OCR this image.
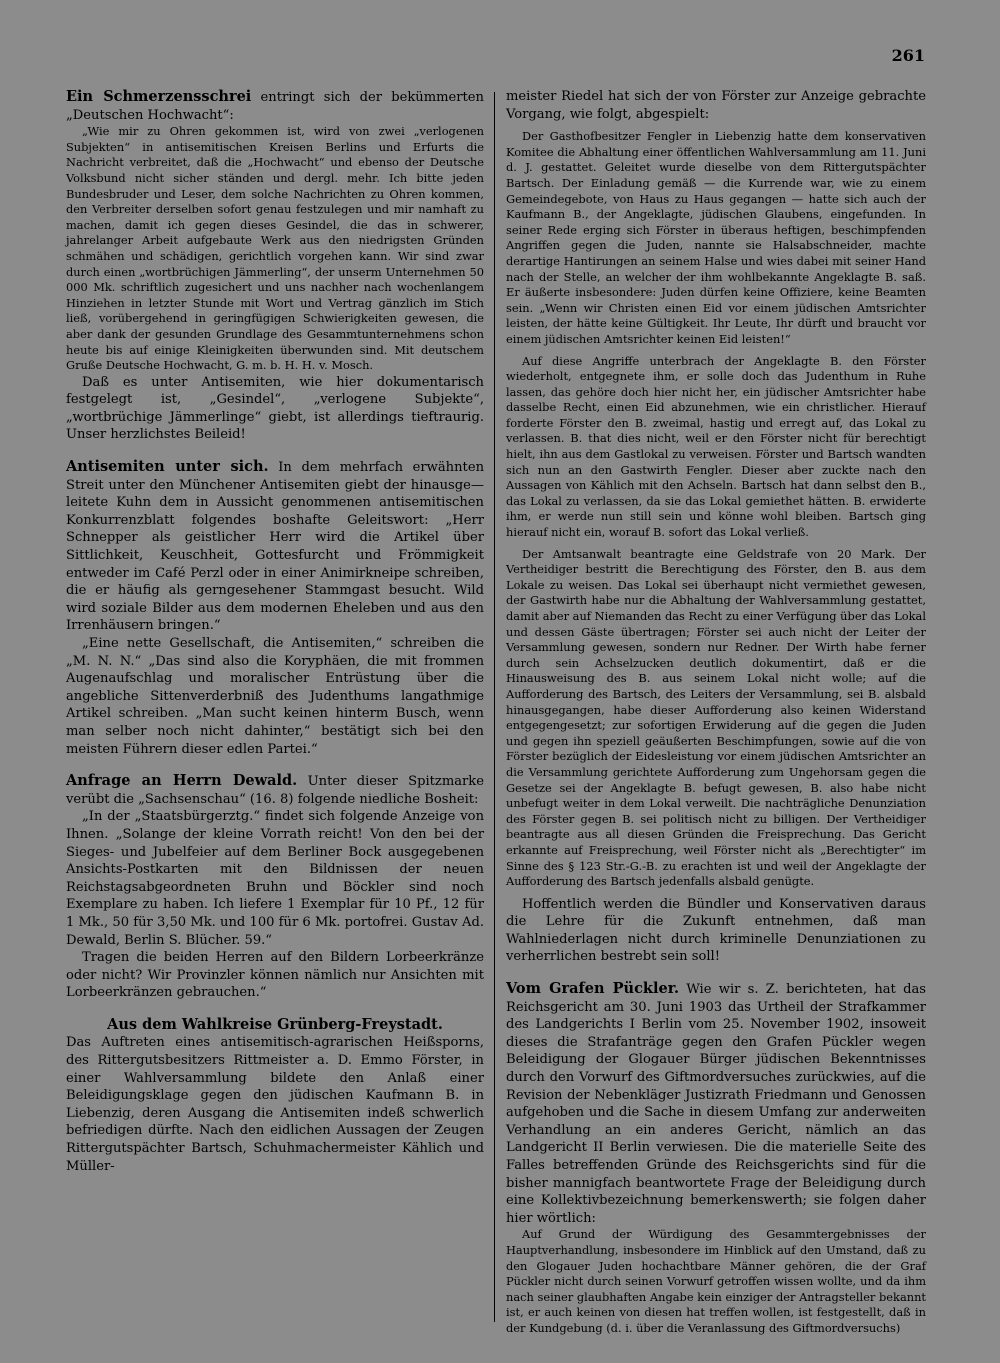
261

Ein Schmerzensschrei entringt sich der bekümmerten „Deutschen Hochwacht“:

„Wie mir zu Ohren gekommen ist, wird von zwei „verlogenen Subjekten“ in antisemitischen Kreisen Berlins und Erfurts die Nachricht verbreitet, daß die „Hochwacht“ und ebenso der Deutsche Volksbund nicht sicher ständen und dergl. mehr. Ich bitte jeden Bundesbruder und Leser, dem solche Nachrichten zu Ohren kommen, den Verbreiter derselben sofort genau festzulegen und mir namhaft zu machen, damit ich gegen dieses Gesindel, die das in schwerer, jahrelanger Arbeit aufgebaute Werk aus den niedrigsten Gründen schmähen und schädigen, gerichtlich vorgehen kann. Wir sind zwar durch einen „wortbrüchigen Jämmerling“, der unserm Unternehmen 50 000 Mk. schriftlich zugesichert und uns nachher nach wochenlangem Hinziehen in letzter Stunde mit Wort und Vertrag gänzlich im Stich ließ, vorübergehend in geringfügigen Schwierigkeiten gewesen, die aber dank der gesunden Grundlage des Gesammtunternehmens schon heute bis auf einige Kleinigkeiten überwunden sind. Mit deutschem Gruße Deutsche Hochwacht, G. m. b. H. H. v. Mosch.

Daß es unter Antisemiten, wie hier dokumentarisch festgelegt ist, „Gesindel“, „verlogene Subjekte“, „wortbrüchige Jämmerlinge“ giebt, ist allerdings tieftraurig. Unser herzlichstes Beileid!

Antisemiten unter sich. In dem mehrfach erwähnten Streit unter den Münchener Antisemiten giebt der hinausge—leitete Kuhn dem in Aussicht genommenen antisemitischen Konkurrenzblatt folgendes boshafte Geleitswort: „Herr Schnepper als geistlicher Herr wird die Artikel über Sittlichkeit, Keuschheit, Gottesfurcht und Frömmigkeit entweder im Café Perzl oder in einer Animirkneipe schreiben, die er häufig als gerngesehener Stammgast besucht. Wild wird soziale Bilder aus dem modernen Eheleben und aus den Irrenhäusern bringen.“

„Eine nette Gesellschaft, die Antisemiten,“ schreiben die „M. N. N.“ „Das sind also die Koryphäen, die mit frommen Augenaufschlag und moralischer Entrüstung über die angebliche Sittenverderbniß des Judenthums langathmige Artikel schreiben. „Man sucht keinen hinterm Busch, wenn man selber noch nicht dahinter,“ bestätigt sich bei den meisten Führern dieser edlen Partei.“

Anfrage an Herrn Dewald. Unter dieser Spitzmarke verübt die „Sachsenschau“ (16. 8) folgende niedliche Bosheit:

„In der „Staatsbürgerztg.“ findet sich folgende Anzeige von Ihnen. „Solange der kleine Vorrath reicht! Von den bei der Sieges- und Jubelfeier auf dem Berliner Bock ausgegebenen Ansichts-Postkarten mit den Bildnissen der neuen Reichstagsabgeordneten Bruhn und Böckler sind noch Exemplare zu haben. Ich liefere 1 Exemplar für 10 Pf., 12 für 1 Mk., 50 für 3,50 Mk. und 100 für 6 Mk. portofrei. Gustav Ad. Dewald, Berlin S. Blücher. 59.“

Tragen die beiden Herren auf den Bildern Lorbeerkränze oder nicht? Wir Provinzler können nämlich nur Ansichten mit Lorbeerkränzen gebrauchen.“

Aus dem Wahlkreise Grünberg-Freystadt.

Das Auftreten eines antisemitisch-agrarischen Heißsporns, des Rittergutsbesitzers Rittmeister a. D. Emmo Förster, in einer Wahlversammlung bildete den Anlaß einer Beleidigungsklage gegen den jüdischen Kaufmann B. in Liebenzig, deren Ausgang die Antisemiten indeß schwerlich befriedigen dürfte. Nach den eidlichen Aussagen der Zeugen Rittergutspächter Bartsch, Schuhmachermeister Kählich und Müller-

meister Riedel hat sich der von Förster zur Anzeige gebrachte Vorgang, wie folgt, abgespielt:

Der Gasthofbesitzer Fengler in Liebenzig hatte dem konservativen Komitee die Abhaltung einer öffentlichen Wahlversammlung am 11. Juni d. J. gestattet. Geleitet wurde dieselbe von dem Rittergutspächter Bartsch. Der Einladung gemäß — die Kurrende war, wie zu einem Gemeindegebote, von Haus zu Haus gegangen — hatte sich auch der Kaufmann B., der Angeklagte, jüdischen Glaubens, eingefunden. In seiner Rede erging sich Förster in überaus heftigen, beschimpfenden Angriffen gegen die Juden, nannte sie Halsabschneider, machte derartige Hantirungen an seinem Halse und wies dabei mit seiner Hand nach der Stelle, an welcher der ihm wohlbekannte Angeklagte B. saß. Er äußerte insbesondere: Juden dürfen keine Offiziere, keine Beamten sein. „Wenn wir Christen einen Eid vor einem jüdischen Amtsrichter leisten, der hätte keine Gültigkeit. Ihr Leute, Ihr dürft und braucht vor einem jüdischen Amtsrichter keinen Eid leisten!“

Auf diese Angriffe unterbrach der Angeklagte B. den Förster wiederholt, entgegnete ihm, er solle doch das Judenthum in Ruhe lassen, das gehöre doch hier nicht her, ein jüdischer Amtsrichter habe dasselbe Recht, einen Eid abzunehmen, wie ein christlicher. Hierauf forderte Förster den B. zweimal, hastig und erregt auf, das Lokal zu verlassen. B. that dies nicht, weil er den Förster nicht für berechtigt hielt, ihn aus dem Gastlokal zu verweisen. Förster und Bartsch wandten sich nun an den Gastwirth Fengler. Dieser aber zuckte nach den Aussagen von Kählich mit den Achseln. Bartsch hat dann selbst den B., das Lokal zu verlassen, da sie das Lokal gemiethet hätten. B. erwiderte ihm, er werde nun still sein und könne wohl bleiben. Bartsch ging hierauf nicht ein, worauf B. sofort das Lokal verließ.

Der Amtsanwalt beantragte eine Geldstrafe von 20 Mark. Der Vertheidiger bestritt die Berechtigung des Förster, den B. aus dem Lokale zu weisen. Das Lokal sei überhaupt nicht vermiethet gewesen, der Gastwirth habe nur die Abhaltung der Wahlversammlung gestattet, damit aber auf Niemanden das Recht zu einer Verfügung über das Lokal und dessen Gäste übertragen; Förster sei auch nicht der Leiter der Versammlung gewesen, sondern nur Redner. Der Wirth habe ferner durch sein Achselzucken deutlich dokumentirt, daß er die Hinausweisung des B. aus seinem Lokal nicht wolle; auf die Aufforderung des Bartsch, des Leiters der Versammlung, sei B. alsbald hinausgegangen, habe dieser Aufforderung also keinen Widerstand entgegengesetzt; zur sofortigen Erwiderung auf die gegen die Juden und gegen ihn speziell geäußerten Beschimpfungen, sowie auf die von Förster bezüglich der Eidesleistung vor einem jüdischen Amtsrichter an die Versammlung gerichtete Aufforderung zum Ungehorsam gegen die Gesetze sei der Angeklagte B. befugt gewesen, B. also habe nicht unbefugt weiter in dem Lokal verweilt. Die nachträgliche Denunziation des Förster gegen B. sei politisch nicht zu billigen. Der Vertheidiger beantragte aus all diesen Gründen die Freisprechung. Das Gericht erkannte auf Freisprechung, weil Förster nicht als „Berechtigter“ im Sinne des § 123 Str.-G.-B. zu erachten ist und weil der Angeklagte der Aufforderung des Bartsch jedenfalls alsbald genügte.

Hoffentlich werden die Bündler und Konservativen daraus die Lehre für die Zukunft entnehmen, daß man Wahlniederlagen nicht durch kriminelle Denunziationen zu verherrlichen bestrebt sein soll!

Vom Grafen Pückler. Wie wir s. Z. berichteten, hat das Reichsgericht am 30. Juni 1903 das Urtheil der Strafkammer des Landgerichts I Berlin vom 25. November 1902, insoweit dieses die Strafanträge gegen den Grafen Pückler wegen Beleidigung der Glogauer Bürger jüdischen Bekenntnisses durch den Vorwurf des Giftmordversuches zurückwies, auf die Revision der Nebenkläger Justizrath Friedmann und Genossen aufgehoben und die Sache in diesem Umfang zur anderweiten Verhandlung an ein anderes Gericht, nämlich an das Landgericht II Berlin verwiesen. Die die materielle Seite des Falles betreffenden Gründe des Reichsgerichts sind für die bisher mannigfach beantwortete Frage der Beleidigung durch eine Kollektivbezeichnung bemerkenswerth; sie folgen daher hier wörtlich:

Auf Grund der Würdigung des Gesammtergebnisses der Hauptverhandlung, insbesondere im Hinblick auf den Umstand, daß zu den Glogauer Juden hochachtbare Männer gehören, die der Graf Pückler nicht durch seinen Vorwurf getroffen wissen wollte, und da ihm nach seiner glaubhaften Angabe kein einziger der Antragsteller bekannt ist, er auch keinen von diesen hat treffen wollen, ist festgestellt, daß in der Kundgebung (d. i. über die Veranlassung des Giftmordversuchs)
